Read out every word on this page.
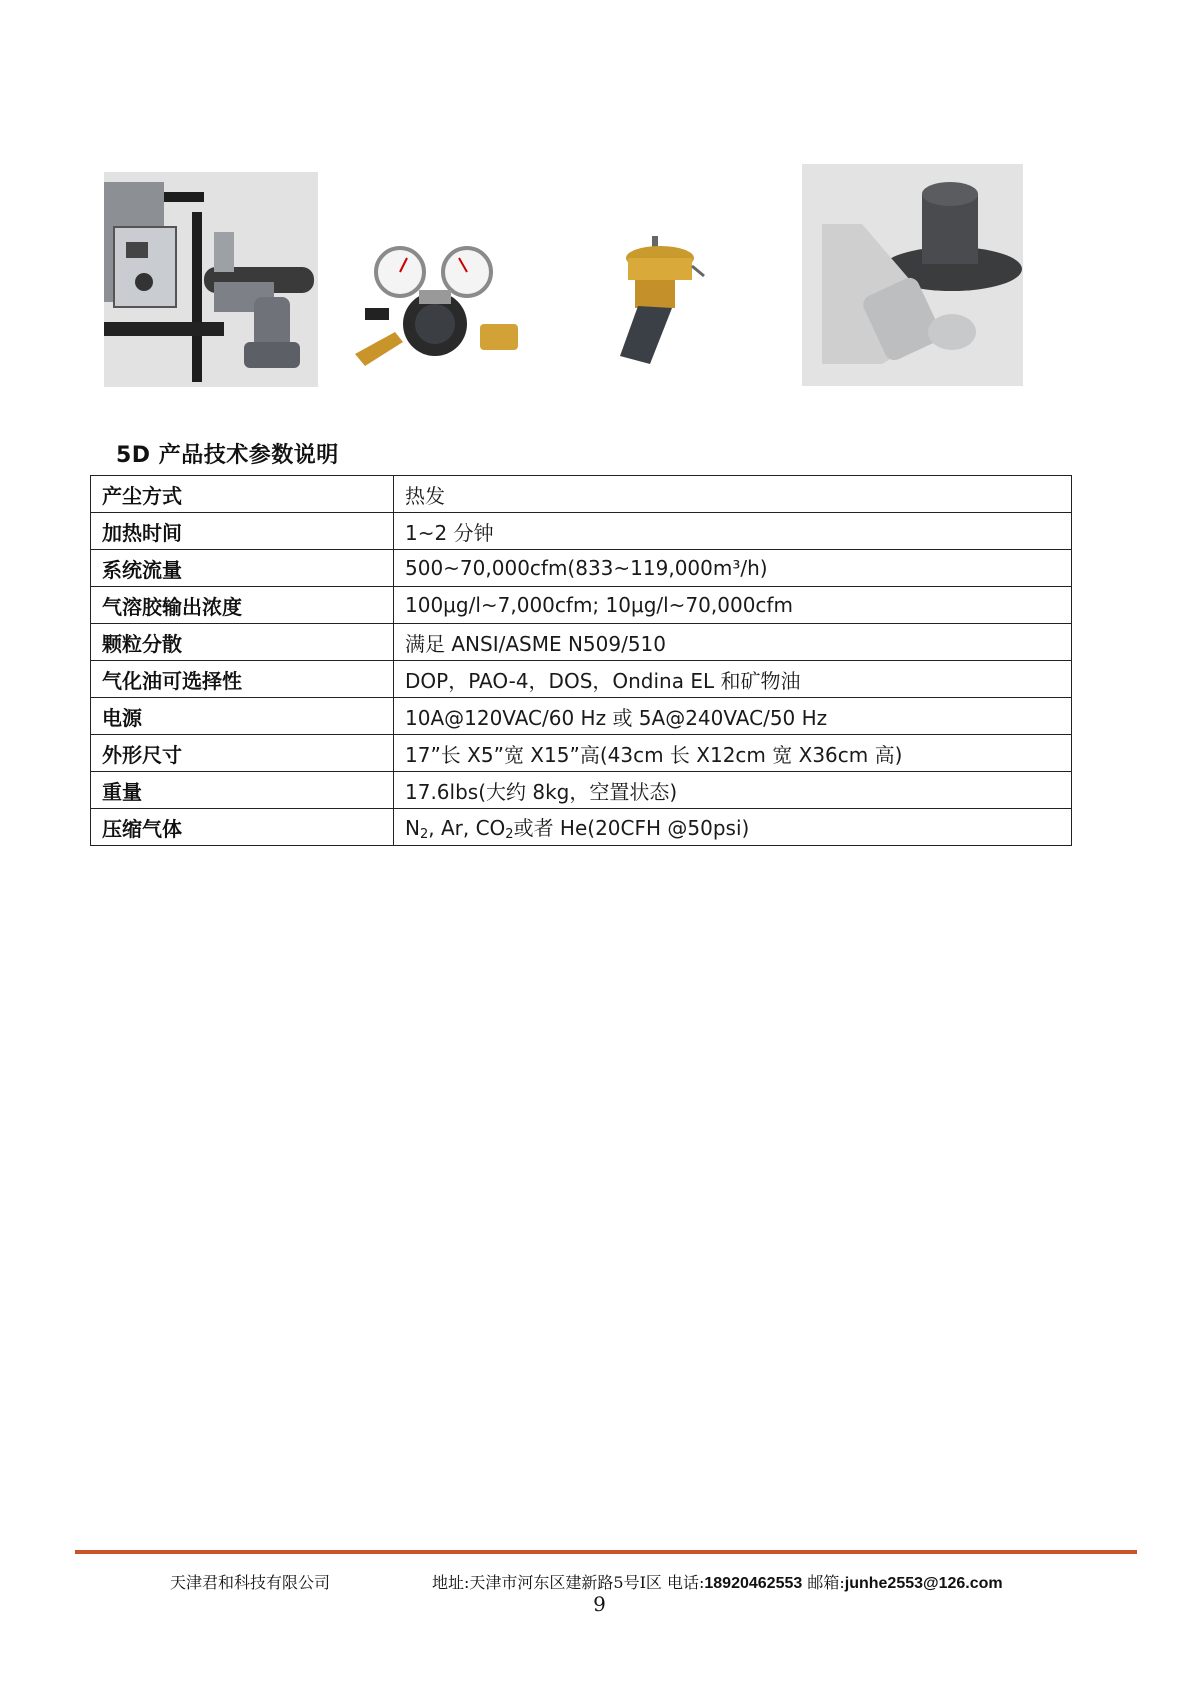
5D 产品技术参数说明
产尘方式	热发
加热时间	1~2 分钟
系统流量	500~70,000cfm(833~119,000m³/h)
气溶胶输出浓度	100μg/l~7,000cfm; 10μg/l~70,000cfm
颗粒分散	满足 ANSI/ASME N509/510
气化油可选择性	DOP，PAO-4，DOS，Ondina EL 和矿物油
电源	10A@120VAC/60 Hz 或 5A@240VAC/50 Hz
外形尺寸	17”长 X5”宽 X15”高(43cm 长 X12cm 宽 X36cm 高)
重量	17.6lbs(大约 8kg，空置状态)
压缩气体	$N_2$, Ar, $CO_2$或者 He(20CFH @50psi)
天津君和科技有限公司	地址:天津市河东区建新路5号I区 电话:18920462553 邮箱:junhe2553@126.com
9
